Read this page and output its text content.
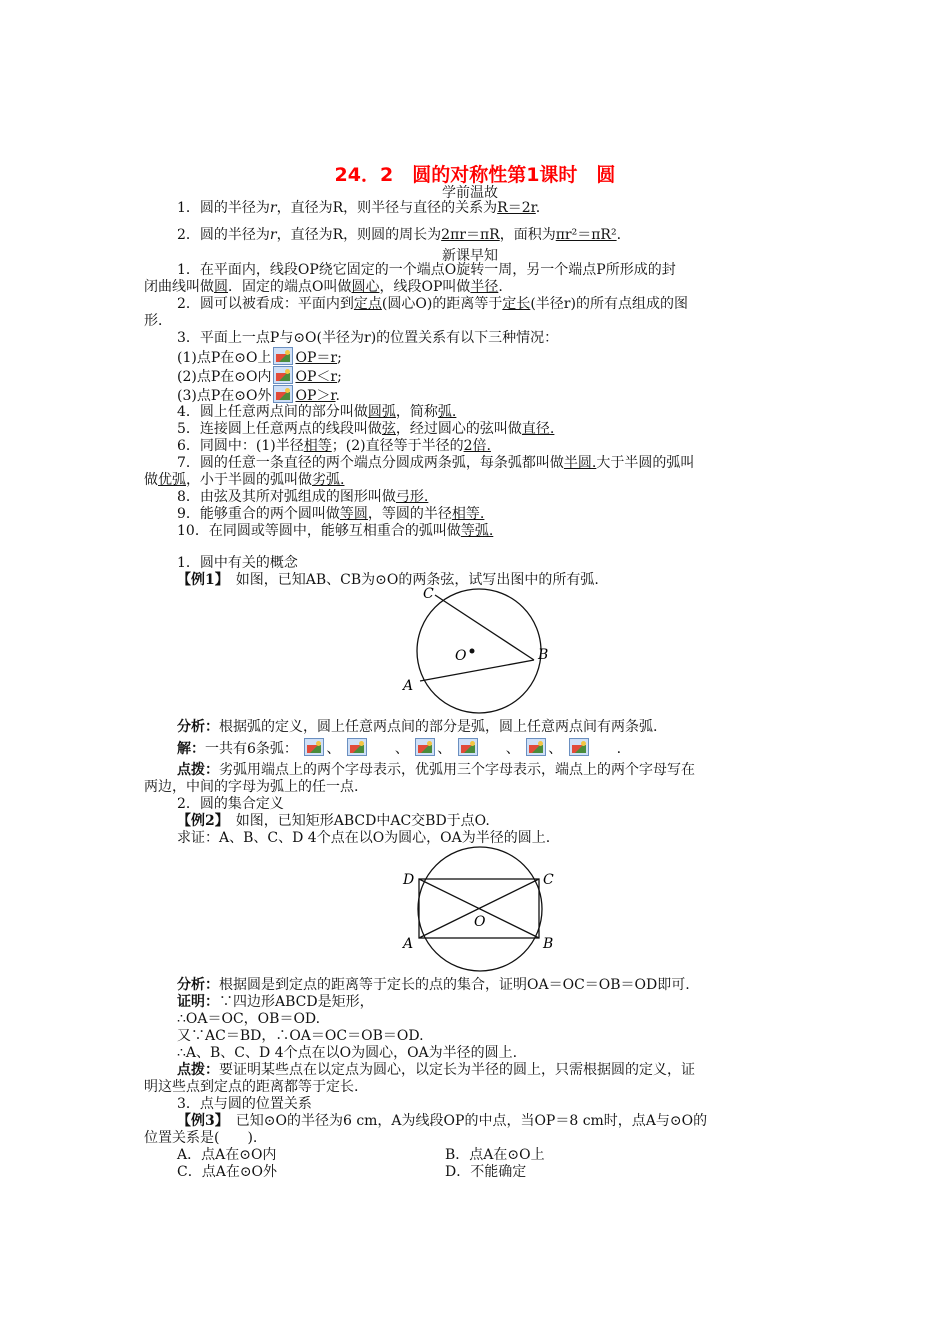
24．2　圆的对称性第1课时　圆
学前温故
1．圆的半径为r，直径为R，则半径与直径的关系为R＝2r.
2．圆的半径为r，直径为R，则圆的周长为2πr＝πR，面积为πr²＝πR².
新课早知
1．在平面内，线段OP绕它固定的一个端点O旋转一周，另一个端点P所形成的封
闭曲线叫做圆．固定的端点O叫做圆心，线段OP叫做半径.
2．圆可以被看成：平面内到定点(圆心O)的距离等于定长(半径r)的所有点组成的图
形．
3．平面上一点P与⊙O(半径为r)的位置关系有以下三种情况：
(1)点P在⊙O上 OP＝r;
(2)点P在⊙O内 OP＜r;
(3)点P在⊙O外 OP＞r.
4．圆上任意两点间的部分叫做圆弧，简称弧.
5．连接圆上任意两点的线段叫做弦，经过圆心的弦叫做直径.
6．同圆中：(1)半径相等；(2)直径等于半径的2倍.
7．圆的任意一条直径的两个端点分圆成两条弧，每条弧都叫做半圆.大于半圆的弧叫
做优弧，小于半圆的弧叫做劣弧.
8．由弦及其所对弧组成的图形叫做弓形.
9．能够重合的两个圆叫做等圆，等圆的半径相等.
10．在同圆或等圆中，能够互相重合的弧叫做等弧.
1．圆中有关的概念
【例1】　 如图，已知AB、CB为⊙O的两条弦，试写出图中的所有弧.
C
B
A
O
分析：根据弧的定义，圆上任意两点间的部分是弧，圆上任意两点间有两条弧.
解：一共有6条弧： 、	、 、	、 、	.
点拨：劣弧用端点上的两个字母表示，优弧用三个字母表示，端点上的两个字母写在
两边，中间的字母为弧上的任一点.
2．圆的集合定义
【例2】　 如图，已知矩形ABCD中AC交BD于点O.
求证：A、B、C、D 4个点在以O为圆心，OA为半径的圆上.
D	C
A	B
O
分析：根据圆是到定点的距离等于定长的点的集合，证明OA＝OC＝OB＝OD即可.
证明：∵四边形ABCD是矩形，
∴OA＝OC，OB＝OD.
又∵AC＝BD，∴OA＝OC＝OB＝OD.
∴A、B、C、D 4个点在以O为圆心，OA为半径的圆上.
点拨：要证明某些点在以定点为圆心，以定长为半径的圆上，只需根据圆的定义，证
明这些点到定点的距离都等于定长.
3．点与圆的位置关系
【例3】　 已知⊙O的半径为6 cm，A为线段OP的中点，当OP＝8 cm时，点A与⊙O的
位置关系是(　　).
A．点A在⊙O内	B．点A在⊙O上
C．点A在⊙O外	D．不能确定
